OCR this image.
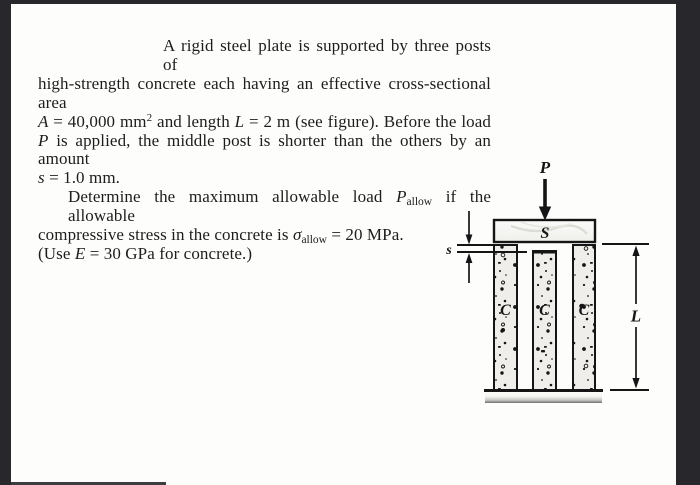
A rigid steel plate is supported by three posts of
high-strength concrete each having an effective cross-sectional area
A = 40,000 $mm^2$ and length L = 2 m (see figure). Before the load
P is applied, the middle post is shorter than the others by an amount
s = 1.0 mm.
Determine the maximum allowable load $P_{allow}$ if the allowable
compressive stress in the concrete is $\sigma_{allow} = 20$ MPa.
(Use E = 30 GPa for concrete.)
P
S
C C C L
s
